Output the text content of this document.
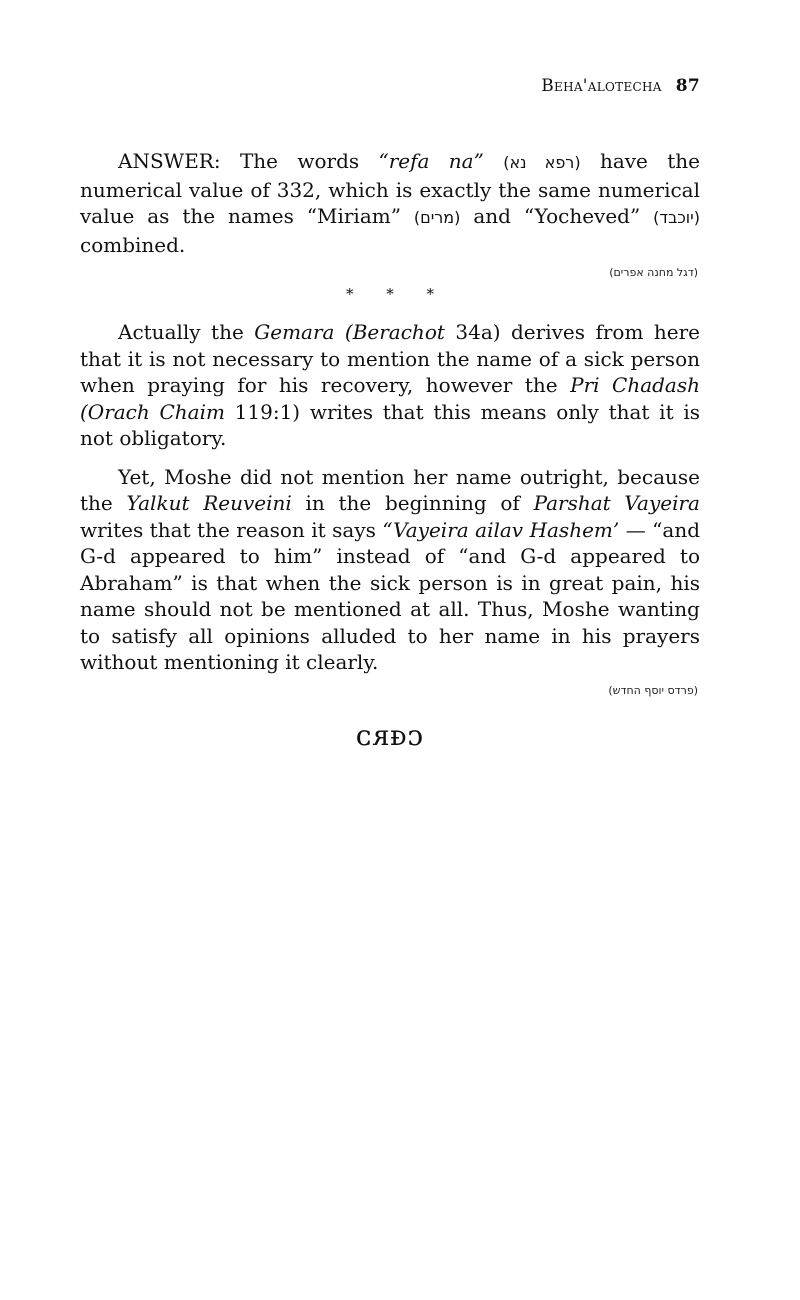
Beha'alotecha 87

ANSWER: The words “refa na” (רפא נא) have the numerical value of 332, which is exactly the same numerical value as the names “Miriam” (מרים) and “Yocheved” (יוכבד) combined.

(דגל מחנה אפרים)
* * *

Actually the Gemara (Berachot 34a) derives from here that it is not necessary to mention the name of a sick person when praying for his recovery, however the Pri Chadash (Orach Chaim 119:1) writes that this means only that it is not obligatory.

Yet, Moshe did not mention her name outright, because the Yalkut Reuveini in the beginning of Parshat Vayeira writes that the reason it says “Vayeira ailav Hashem’ — “and G-d appeared to him” instead of “and G-d appeared to Abraham” is that when the sick person is in great pain, his name should not be mentioned at all. Thus, Moshe wanting to satisfy all opinions alluded to her name in his prayers without mentioning it clearly.

(פרדס יוסף החדש)
ᴄᴙᴆᴐ
